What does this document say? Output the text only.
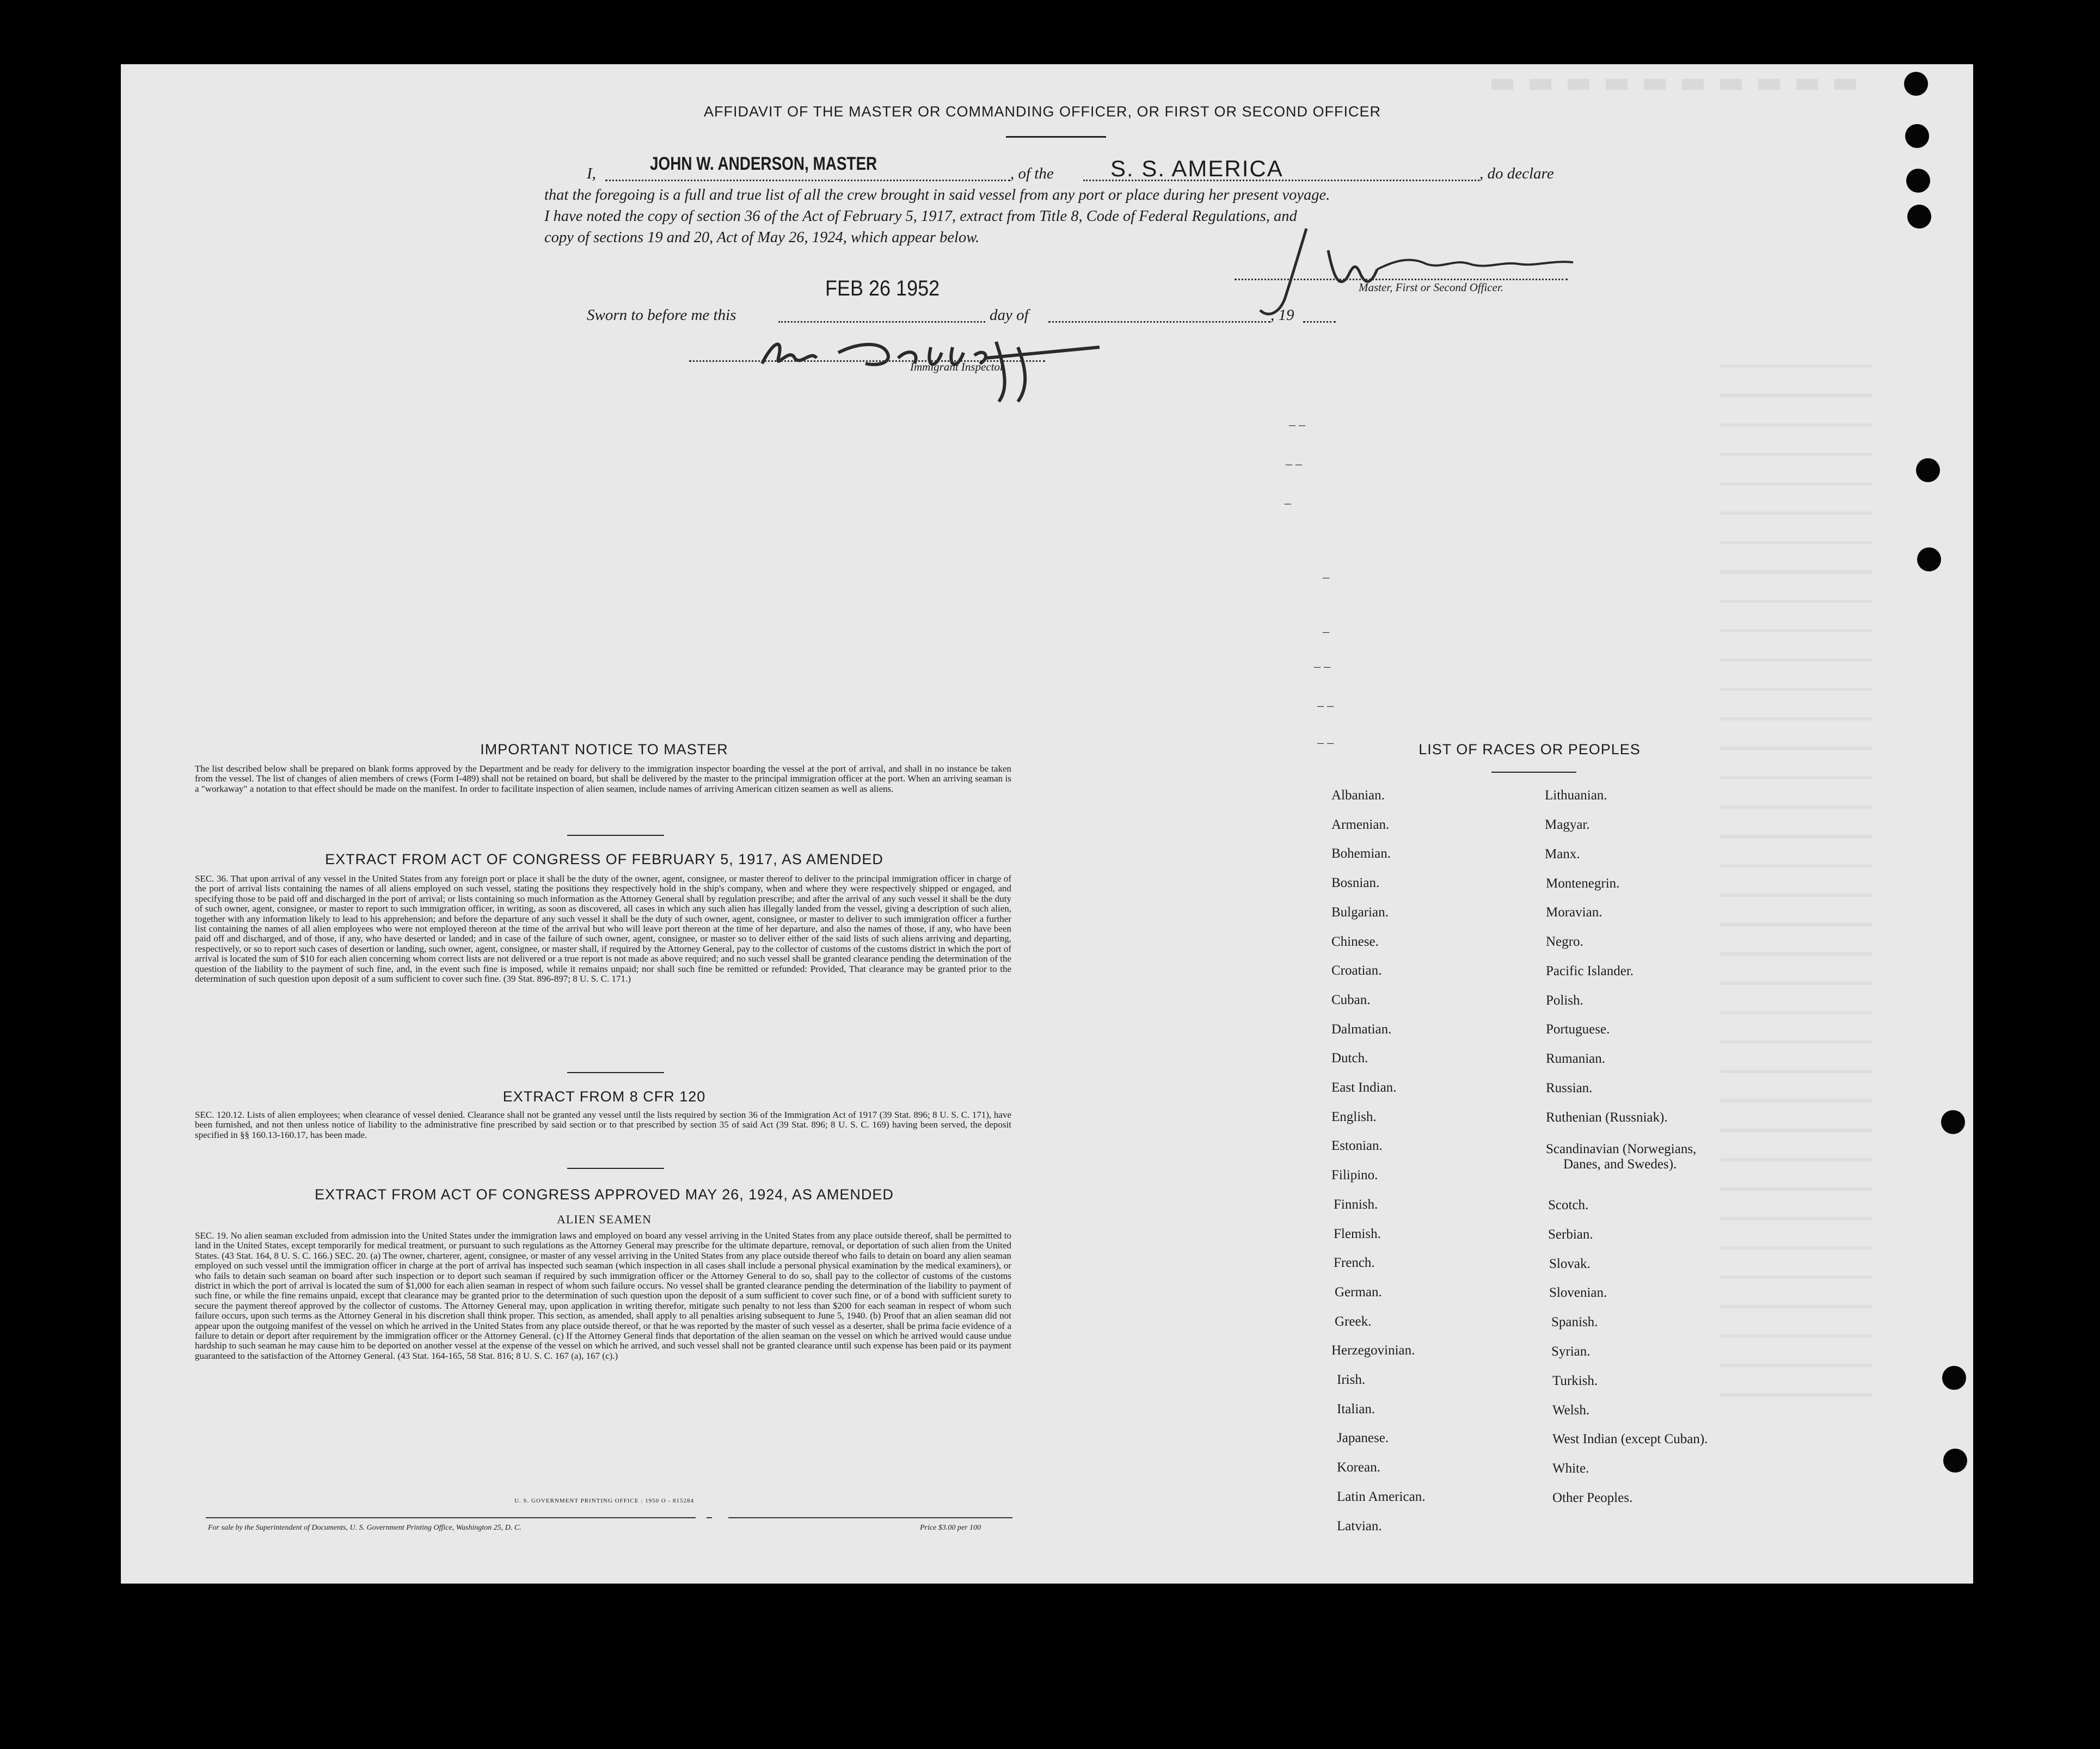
AFFIDAVIT OF THE MASTER OR COMMANDING OFFICER, OR FIRST OR SECOND OFFICER
I,	JOHN W. ANDERSON, MASTER	, of the S. S. AMERICA	, do declare
that the foregoing is a full and true list of all the crew brought in said vessel from any port or place during her present voyage.
I have noted the copy of section 36 of the Act of February 5, 1917, extract from Title 8, Code of Federal Regulations, and
copy of sections 19 and 20, Act of May 26, 1924, which appear below.
Master, First or Second Officer.
Sworn to before me this
FEB 26 1952
day of	, 19
Immigrant Inspector.
– –
– –
–
–
–
– –
– –
– –
IMPORTANT NOTICE TO MASTER
The list described below shall be prepared on blank forms approved by the Department and be ready for delivery to the immigration inspector boarding the vessel at the port of arrival, and shall in no instance be taken from the vessel. The list of changes of alien members of crews (Form I-489) shall not be retained on board, but shall be delivered by the master to the principal immigration officer at the port. When an arriving seaman is a "workaway" a notation to that effect should be made on the manifest. In order to facilitate inspection of alien seamen, include names of arriving American citizen seamen as well as aliens.
EXTRACT FROM ACT OF CONGRESS OF FEBRUARY 5, 1917, AS AMENDED
SEC. 36. That upon arrival of any vessel in the United States from any foreign port or place it shall be the duty of the owner, agent, consignee, or master thereof to deliver to the principal immigration officer in charge of the port of arrival lists containing the names of all aliens employed on such vessel, stating the positions they respectively hold in the ship's company, when and where they were respectively shipped or engaged, and specifying those to be paid off and discharged in the port of arrival; or lists containing so much information as the Attorney General shall by regulation prescribe; and after the arrival of any such vessel it shall be the duty of such owner, agent, consignee, or master to report to such immigration officer, in writing, as soon as discovered, all cases in which any such alien has illegally landed from the vessel, giving a description of such alien, together with any information likely to lead to his apprehension; and before the departure of any such vessel it shall be the duty of such owner, agent, consignee, or master to deliver to such immigration officer a further list containing the names of all alien employees who were not employed thereon at the time of the arrival but who will leave port thereon at the time of her departure, and also the names of those, if any, who have been paid off and discharged, and of those, if any, who have deserted or landed; and in case of the failure of such owner, agent, consignee, or master so to deliver either of the said lists of such aliens arriving and departing, respectively, or so to report such cases of desertion or landing, such owner, agent, consignee, or master shall, if required by the Attorney General, pay to the collector of customs of the customs district in which the port of arrival is located the sum of $10 for each alien concerning whom correct lists are not delivered or a true report is not made as above required; and no such vessel shall be granted clearance pending the determination of the question of the liability to the payment of such fine, and, in the event such fine is imposed, while it remains unpaid; nor shall such fine be remitted or refunded: Provided, That clearance may be granted prior to the determination of such question upon deposit of a sum sufficient to cover such fine. (39 Stat. 896-897; 8 U. S. C. 171.)
EXTRACT FROM 8 CFR 120
SEC. 120.12. Lists of alien employees; when clearance of vessel denied. Clearance shall not be granted any vessel until the lists required by section 36 of the Immigration Act of 1917 (39 Stat. 896; 8 U. S. C. 171), have been furnished, and not then unless notice of liability to the administrative fine prescribed by said section or to that prescribed by section 35 of said Act (39 Stat. 896; 8 U. S. C. 169) having been served, the deposit specified in §§ 160.13-160.17, has been made.
EXTRACT FROM ACT OF CONGRESS APPROVED MAY 26, 1924, AS AMENDED
ALIEN SEAMEN
SEC. 19. No alien seaman excluded from admission into the United States under the immigration laws and employed on board any vessel arriving in the United States from any place outside thereof, shall be permitted to land in the United States, except temporarily for medical treatment, or pursuant to such regulations as the Attorney General may prescribe for the ultimate departure, removal, or deportation of such alien from the United States. (43 Stat. 164, 8 U. S. C. 166.) SEC. 20. (a) The owner, charterer, agent, consignee, or master of any vessel arriving in the United States from any place outside thereof who fails to detain on board any alien seaman employed on such vessel until the immigration officer in charge at the port of arrival has inspected such seaman (which inspection in all cases shall include a personal physical examination by the medical examiners), or who fails to detain such seaman on board after such inspection or to deport such seaman if required by such immigration officer or the Attorney General to do so, shall pay to the collector of customs of the customs district in which the port of arrival is located the sum of $1,000 for each alien seaman in respect of whom such failure occurs. No vessel shall be granted clearance pending the determination of the liability to payment of such fine, or while the fine remains unpaid, except that clearance may be granted prior to the determination of such question upon the deposit of a sum sufficient to cover such fine, or of a bond with sufficient surety to secure the payment thereof approved by the collector of customs. The Attorney General may, upon application in writing therefor, mitigate such penalty to not less than $200 for each seaman in respect of whom such failure occurs, upon such terms as the Attorney General in his discretion shall think proper. This section, as amended, shall apply to all penalties arising subsequent to June 5, 1940. (b) Proof that an alien seaman did not appear upon the outgoing manifest of the vessel on which he arrived in the United States from any place outside thereof, or that he was reported by the master of such vessel as a deserter, shall be prima facie evidence of a failure to detain or deport after requirement by the immigration officer or the Attorney General. (c) If the Attorney General finds that deportation of the alien seaman on the vessel on which he arrived would cause undue hardship to such seaman he may cause him to be deported on another vessel at the expense of the vessel on which he arrived, and such vessel shall not be granted clearance until such expense has been paid or its payment guaranteed to the satisfaction of the Attorney General. (43 Stat. 164-165, 58 Stat. 816; 8 U. S. C. 167 (a), 167 (c).)
U. S. GOVERNMENT PRINTING OFFICE : 1950 O - 815284
For sale by the Superintendent of Documents, U. S. Government Printing Office, Washington 25, D. C.	Price $3.00 per 100
LIST OF RACES OR PEOPLES
Albanian.
Armenian.
Bohemian.
Bosnian.
Bulgarian.
Chinese.
Croatian.
Cuban.
Dalmatian.
Dutch.
East Indian.
English.
Estonian.
Filipino.
Finnish.
Flemish.
French.
German.
Greek.
Herzegovinian.
Irish.
Italian.
Japanese.
Korean.
Latin American.
Latvian.
Lithuanian.
Magyar.
Manx.
Montenegrin.
Moravian.
Negro.
Pacific Islander.
Polish.
Portuguese.
Rumanian.
Russian.
Ruthenian (Russniak).
Scandinavian (Norwegians,
Danes, and Swedes).
Scotch.
Serbian.
Slovak.
Slovenian.
Spanish.
Syrian.
Turkish.
Welsh.
West Indian (except Cuban).
White.
Other Peoples.
